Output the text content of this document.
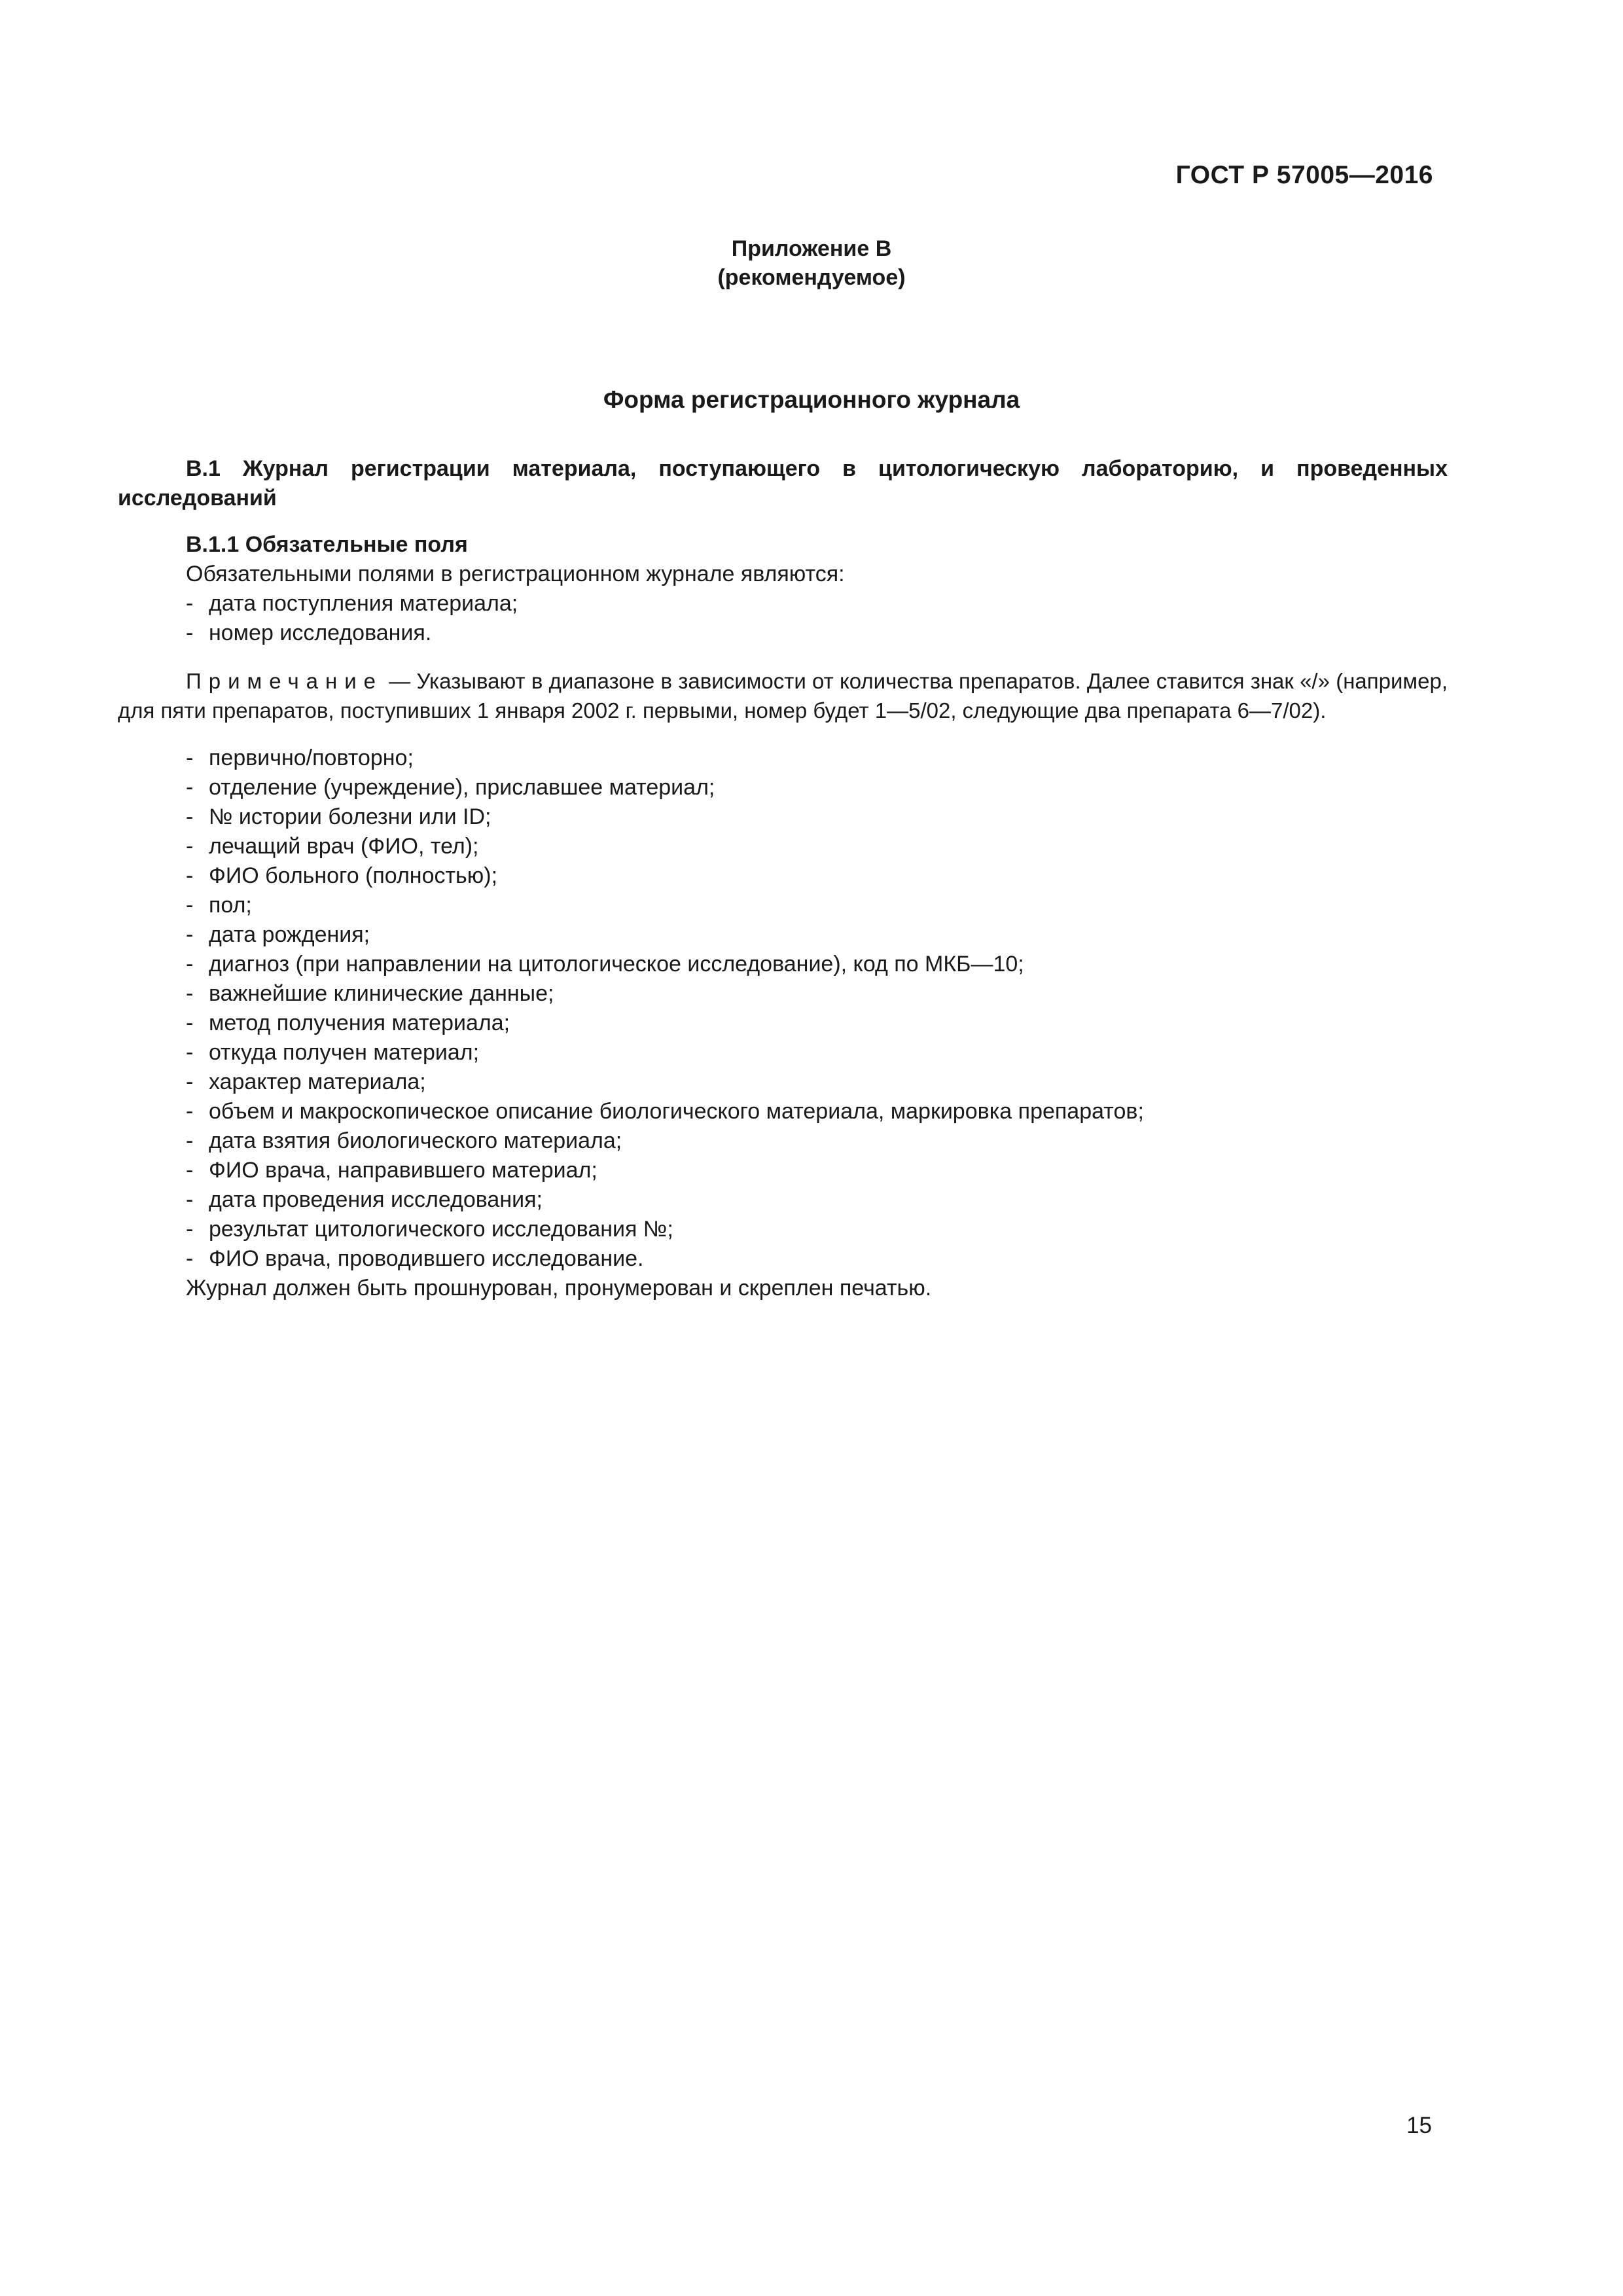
ГОСТ Р 57005—2016
Приложение В
(рекомендуемое)
Форма регистрационного журнала

В.1 Журнал регистрации материала, поступающего в цитологическую лабораторию, и проведенных исследований

В.1.1 Обязательные поля

Обязательными полями в регистрационном журнале являются:

- дата поступления материала;
- номер исследования.

Примечание — Указывают в диапазоне в зависимости от количества препаратов. Далее ставится знак «/» (например, для пяти препаратов, поступивших 1 января 2002 г. первыми, номер будет 1—5/02, следующие два препарата 6—7/02).

- первично/повторно;
- отделение (учреждение), приславшее материал;
- № истории болезни или ID;
- лечащий врач (ФИО, тел);
- ФИО больного (полностью);
- пол;
- дата рождения;
- диагноз (при направлении на цитологическое исследование), код по МКБ—10;
- важнейшие клинические данные;
- метод получения материала;
- откуда получен материал;
- характер материала;
- объем и макроскопическое описание биологического материала, маркировка препаратов;
- дата взятия биологического материала;
- ФИО врача, направившего материал;
- дата проведения исследования;
- результат цитологического исследования №;
- ФИО врача, проводившего исследование.

Журнал должен быть прошнурован, пронумерован и скреплен печатью.

15
